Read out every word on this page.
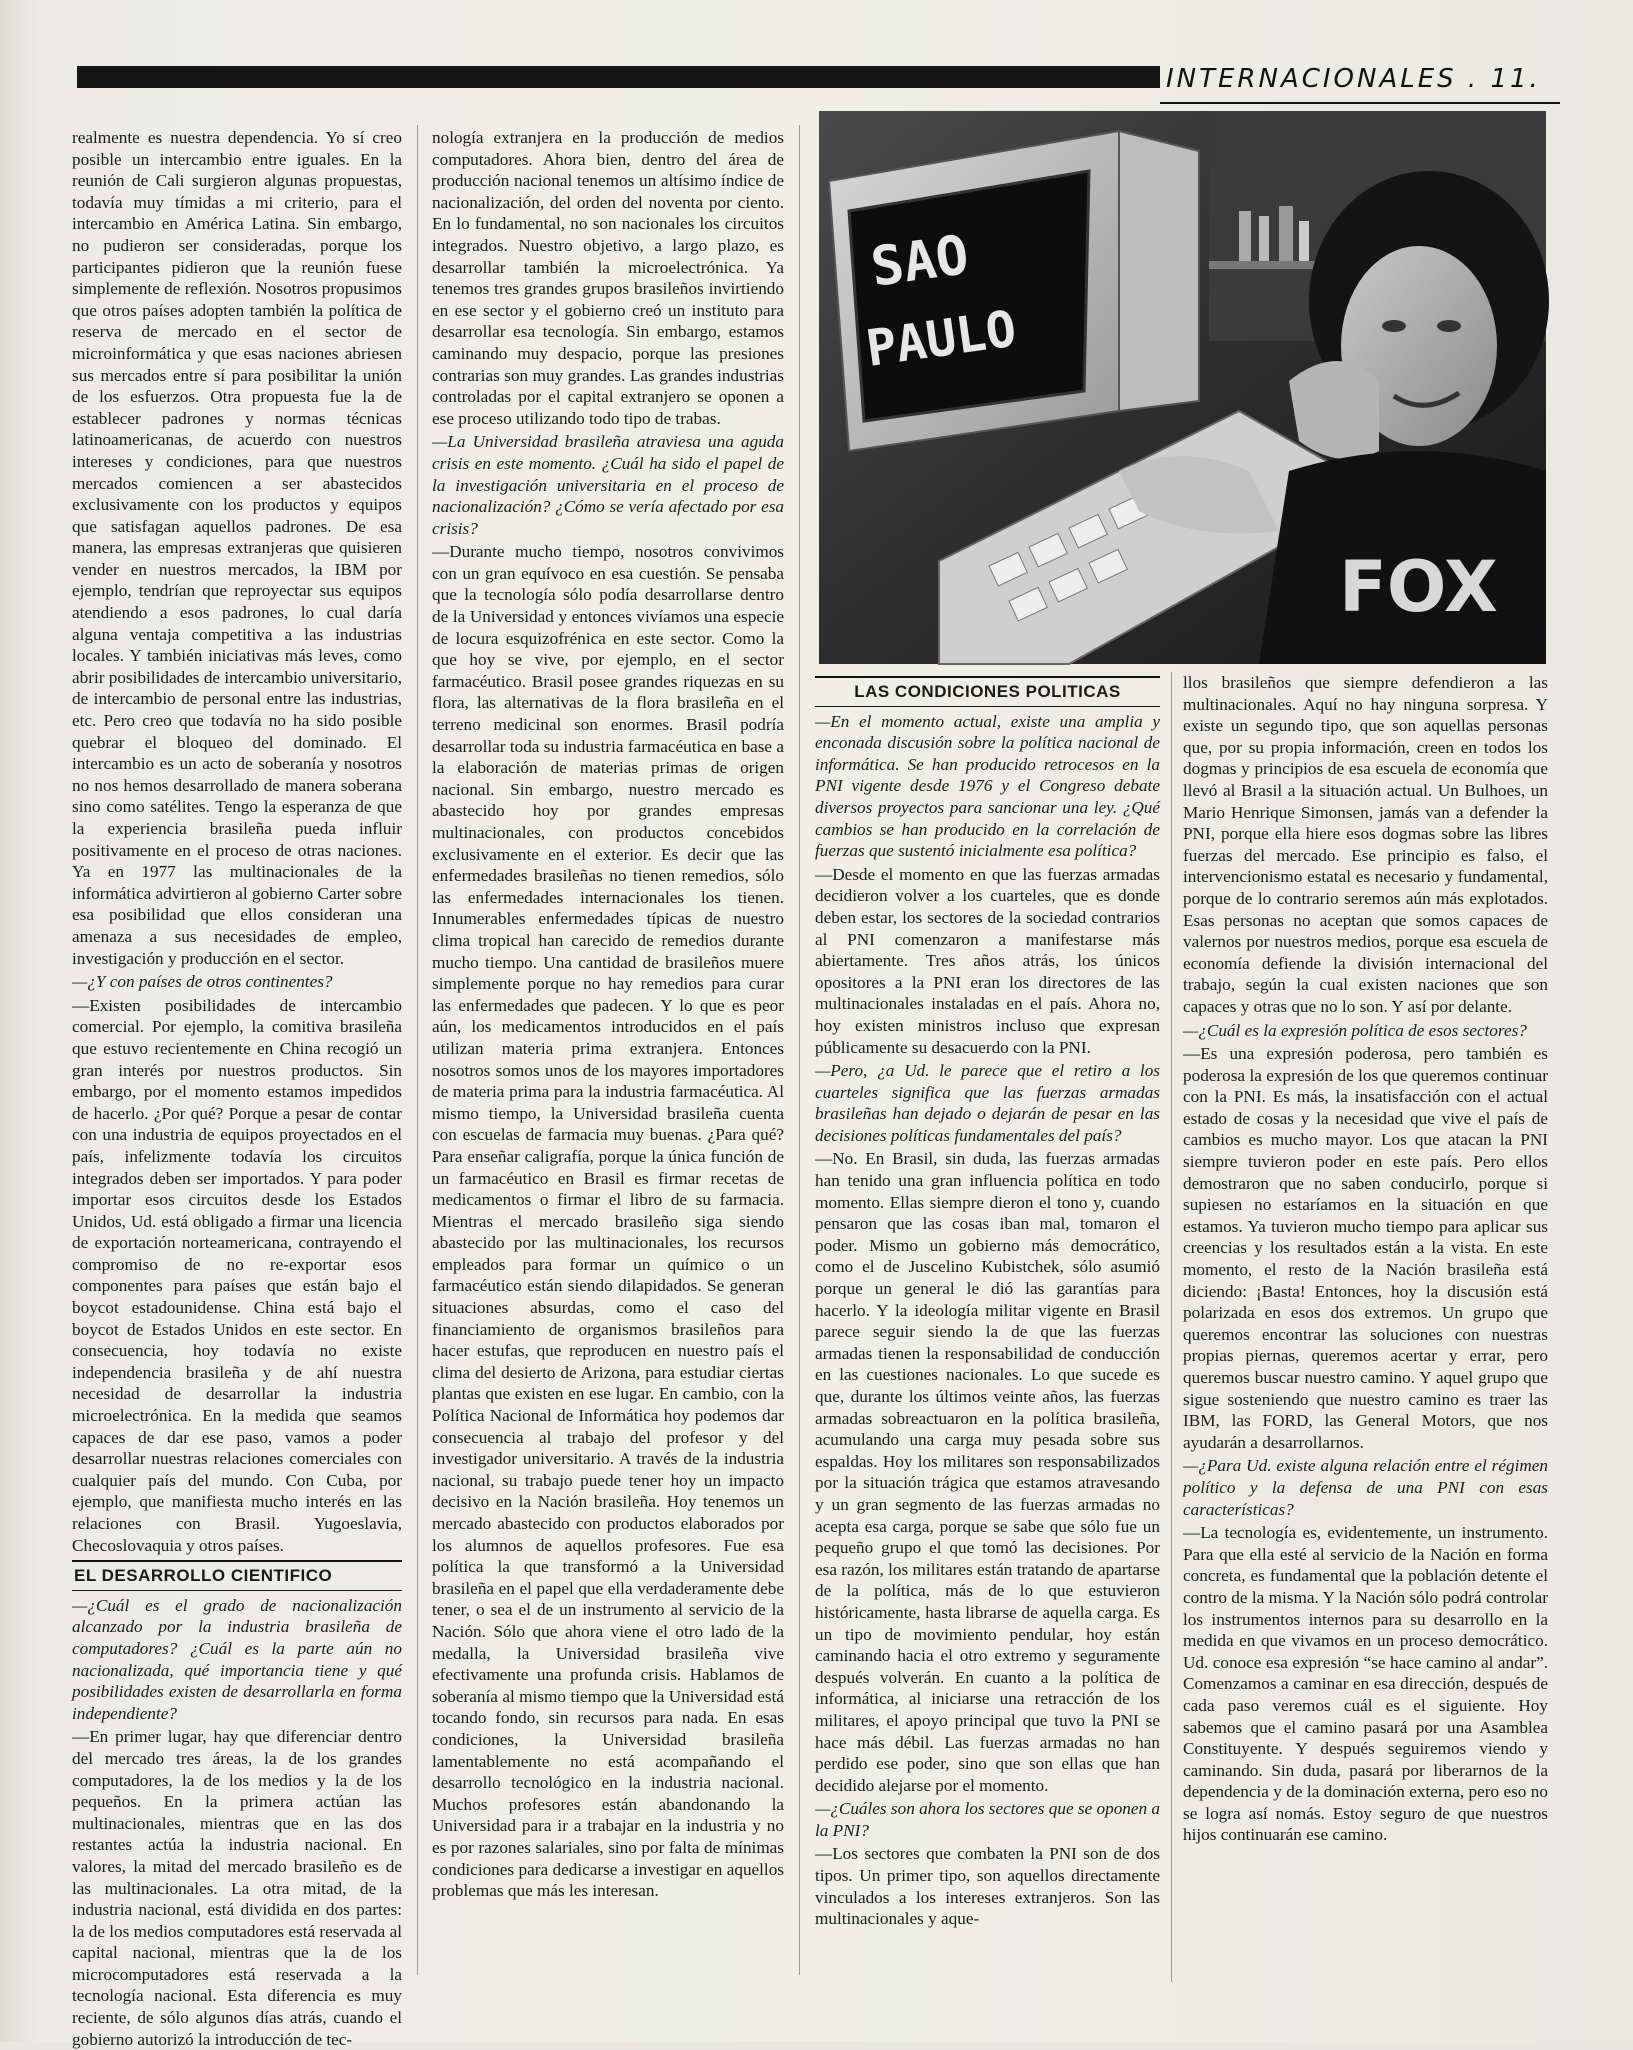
INTERNACIONALES . 11.

realmente es nuestra dependencia. Yo sí creo posible un intercambio entre iguales. En la reunión de Cali surgieron algunas propuestas, todavía muy tímidas a mi criterio, para el intercambio en América Latina. Sin embargo, no pudieron ser consideradas, porque los participantes pidieron que la reunión fuese simplemente de reflexión. Nosotros propusimos que otros países adopten también la política de reserva de mercado en el sector de microinformática y que esas naciones abriesen sus mercados entre sí para posibilitar la unión de los esfuerzos. Otra propuesta fue la de establecer padrones y normas técnicas latinoamericanas, de acuerdo con nuestros intereses y condiciones, para que nuestros mercados comiencen a ser abastecidos exclusivamente con los productos y equipos que satisfagan aquellos padrones. De esa manera, las empresas extranjeras que quisieren vender en nuestros mercados, la IBM por ejemplo, tendrían que reproyectar sus equipos atendiendo a esos padrones, lo cual daría alguna ventaja competitiva a las industrias locales. Y también iniciativas más leves, como abrir posibilidades de intercambio universitario, de intercambio de personal entre las industrias, etc. Pero creo que todavía no ha sido posible quebrar el bloqueo del dominado. El intercambio es un acto de soberanía y nosotros no nos hemos desarrollado de manera soberana sino como satélites. Tengo la esperanza de que la experiencia brasileña pueda influir positivamente en el proceso de otras naciones. Ya en 1977 las multinacionales de la informática advirtieron al gobierno Carter sobre esa posibilidad que ellos consideran una amenaza a sus necesidades de empleo, investigación y producción en el sector.

—¿Y con países de otros continentes?

—Existen posibilidades de intercambio comercial. Por ejemplo, la comitiva brasileña que estuvo recientemente en China recogió un gran interés por nuestros productos. Sin embargo, por el momento estamos impedidos de hacerlo. ¿Por qué? Porque a pesar de contar con una industria de equipos proyectados en el país, infelizmente todavía los circuitos integrados deben ser importados. Y para poder importar esos circuitos desde los Estados Unidos, Ud. está obligado a firmar una licencia de exportación norteamericana, contrayendo el compromiso de no re-exportar esos componentes para países que están bajo el boycot estadounidense. China está bajo el boycot de Estados Unidos en este sector. En consecuencia, hoy todavía no existe independencia brasileña y de ahí nuestra necesidad de desarrollar la industria microelectrónica. En la medida que seamos capaces de dar ese paso, vamos a poder desarrollar nuestras relaciones comerciales con cualquier país del mundo. Con Cuba, por ejemplo, que manifiesta mucho interés en las relaciones con Brasil. Yugoeslavia, Checoslovaquia y otros países.

EL DESARROLLO CIENTIFICO

—¿Cuál es el grado de nacionalización alcanzado por la industria brasileña de computadores? ¿Cuál es la parte aún no nacionalizada, qué importancia tiene y qué posibilidades existen de desarrollarla en forma independiente?

—En primer lugar, hay que diferenciar dentro del mercado tres áreas, la de los grandes computadores, la de los medios y la de los pequeños. En la primera actúan las multinacionales, mientras que en las dos restantes actúa la industria nacional. En valores, la mitad del mercado brasileño es de las multinacionales. La otra mitad, de la industria nacional, está dividida en dos partes: la de los medios computadores está reservada al capital nacional, mientras que la de los microcomputadores está reservada a la tecnología nacional. Esta diferencia es muy reciente, de sólo algunos días atrás, cuando el gobierno autorizó la introducción de tec-

nología extranjera en la producción de medios computadores. Ahora bien, dentro del área de producción nacional tenemos un altísimo índice de nacionalización, del orden del noventa por ciento. En lo fundamental, no son nacionales los circuitos integrados. Nuestro objetivo, a largo plazo, es desarrollar también la microelectrónica. Ya tenemos tres grandes grupos brasileños invirtiendo en ese sector y el gobierno creó un instituto para desarrollar esa tecnología. Sin embargo, estamos caminando muy despacio, porque las presiones contrarias son muy grandes. Las grandes industrias controladas por el capital extranjero se oponen a ese proceso utilizando todo tipo de trabas.

—La Universidad brasileña atraviesa una aguda crisis en este momento. ¿Cuál ha sido el papel de la investigación universitaria en el proceso de nacionalización? ¿Cómo se vería afectado por esa crisis?

—Durante mucho tiempo, nosotros convivimos con un gran equívoco en esa cuestión. Se pensaba que la tecnología sólo podía desarrollarse dentro de la Universidad y entonces vivíamos una especie de locura esquizofrénica en este sector. Como la que hoy se vive, por ejemplo, en el sector farmacéutico. Brasil posee grandes riquezas en su flora, las alternativas de la flora brasileña en el terreno medicinal son enormes. Brasil podría desarrollar toda su industria farmacéutica en base a la elaboración de materias primas de origen nacional. Sin embargo, nuestro mercado es abastecido hoy por grandes empresas multinacionales, con productos concebidos exclusivamente en el exterior. Es decir que las enfermedades brasileñas no tienen remedios, sólo las enfermedades internacionales los tienen. Innumerables enfermedades típicas de nuestro clima tropical han carecido de remedios durante mucho tiempo. Una cantidad de brasileños muere simplemente porque no hay remedios para curar las enfermedades que padecen. Y lo que es peor aún, los medicamentos introducidos en el país utilizan materia prima extranjera. Entonces nosotros somos unos de los mayores importadores de materia prima para la industria farmacéutica. Al mismo tiempo, la Universidad brasileña cuenta con escuelas de farmacia muy buenas. ¿Para qué? Para enseñar caligrafía, porque la única función de un farmacéutico en Brasil es firmar recetas de medicamentos o firmar el libro de su farmacia. Mientras el mercado brasileño siga siendo abastecido por las multinacionales, los recursos empleados para formar un químico o un farmacéutico están siendo dilapidados. Se generan situaciones absurdas, como el caso del financiamiento de organismos brasileños para hacer estufas, que reproducen en nuestro país el clima del desierto de Arizona, para estudiar ciertas plantas que existen en ese lugar. En cambio, con la Política Nacional de Informática hoy podemos dar consecuencia al trabajo del profesor y del investigador universitario. A través de la industria nacional, su trabajo puede tener hoy un impacto decisivo en la Nación brasileña. Hoy tenemos un mercado abastecido con productos elaborados por los alumnos de aquellos profesores. Fue esa política la que transformó a la Universidad brasileña en el papel que ella verdaderamente debe tener, o sea el de un instrumento al servicio de la Nación. Sólo que ahora viene el otro lado de la medalla, la Universidad brasileña vive efectivamente una profunda crisis. Hablamos de soberanía al mismo tiempo que la Universidad está tocando fondo, sin recursos para nada. En esas condiciones, la Universidad brasileña lamentablemente no está acompañando el desarrollo tecnológico en la industria nacional. Muchos profesores están abandonando la Universidad para ir a trabajar en la industria y no es por razones salariales, sino por falta de mínimas condiciones para dedicarse a investigar en aquellos problemas que más les interesan.

SAO
PAULO
FOX
LAS CONDICIONES POLITICAS

—En el momento actual, existe una amplia y enconada discusión sobre la política nacional de informática. Se han producido retrocesos en la PNI vigente desde 1976 y el Congreso debate diversos proyectos para sancionar una ley. ¿Qué cambios se han producido en la correlación de fuerzas que sustentó inicialmente esa política?

—Desde el momento en que las fuerzas armadas decidieron volver a los cuarteles, que es donde deben estar, los sectores de la sociedad contrarios al PNI comenzaron a manifestarse más abiertamente. Tres años atrás, los únicos opositores a la PNI eran los directores de las multinacionales instaladas en el país. Ahora no, hoy existen ministros incluso que expresan públicamente su desacuerdo con la PNI.

—Pero, ¿a Ud. le parece que el retiro a los cuarteles significa que las fuerzas armadas brasileñas han dejado o dejarán de pesar en las decisiones políticas fundamentales del país?

—No. En Brasil, sin duda, las fuerzas armadas han tenido una gran influencia política en todo momento. Ellas siempre dieron el tono y, cuando pensaron que las cosas iban mal, tomaron el poder. Mismo un gobierno más democrático, como el de Juscelino Kubistchek, sólo asumió porque un general le dió las garantías para hacerlo. Y la ideología militar vigente en Brasil parece seguir siendo la de que las fuerzas armadas tienen la responsabilidad de conducción en las cuestiones nacionales. Lo que sucede es que, durante los últimos veinte años, las fuerzas armadas sobreactuaron en la política brasileña, acumulando una carga muy pesada sobre sus espaldas. Hoy los militares son responsabilizados por la situación trágica que estamos atravesando y un gran segmento de las fuerzas armadas no acepta esa carga, porque se sabe que sólo fue un pequeño grupo el que tomó las decisiones. Por esa razón, los militares están tratando de apartarse de la política, más de lo que estuvieron históricamente, hasta librarse de aquella carga. Es un tipo de movimiento pendular, hoy están caminando hacia el otro extremo y seguramente después volverán. En cuanto a la política de informática, al iniciarse una retracción de los militares, el apoyo principal que tuvo la PNI se hace más débil. Las fuerzas armadas no han perdido ese poder, sino que son ellas que han decidido alejarse por el momento.

—¿Cuáles son ahora los sectores que se oponen a la PNI?

—Los sectores que combaten la PNI son de dos tipos. Un primer tipo, son aquellos directamente vinculados a los intereses extranjeros. Son las multinacionales y aque-

llos brasileños que siempre defendieron a las multinacionales. Aquí no hay ninguna sorpresa. Y existe un segundo tipo, que son aquellas personas que, por su propia información, creen en todos los dogmas y principios de esa escuela de economía que llevó al Brasil a la situación actual. Un Bulhoes, un Mario Henrique Simonsen, jamás van a defender la PNI, porque ella hiere esos dogmas sobre las libres fuerzas del mercado. Ese principio es falso, el intervencionismo estatal es necesario y fundamental, porque de lo contrario seremos aún más explotados. Esas personas no aceptan que somos capaces de valernos por nuestros medios, porque esa escuela de economía defiende la división internacional del trabajo, según la cual existen naciones que son capaces y otras que no lo son. Y así por delante.

—¿Cuál es la expresión política de esos sectores?

—Es una expresión poderosa, pero también es poderosa la expresión de los que queremos continuar con la PNI. Es más, la insatisfacción con el actual estado de cosas y la necesidad que vive el país de cambios es mucho mayor. Los que atacan la PNI siempre tuvieron poder en este país. Pero ellos demostraron que no saben conducirlo, porque si supiesen no estaríamos en la situación en que estamos. Ya tuvieron mucho tiempo para aplicar sus creencias y los resultados están a la vista. En este momento, el resto de la Nación brasileña está diciendo: ¡Basta! Entonces, hoy la discusión está polarizada en esos dos extremos. Un grupo que queremos encontrar las soluciones con nuestras propias piernas, queremos acertar y errar, pero queremos buscar nuestro camino. Y aquel grupo que sigue sosteniendo que nuestro camino es traer las IBM, las FORD, las General Motors, que nos ayudarán a desarrollarnos.

—¿Para Ud. existe alguna relación entre el régimen político y la defensa de una PNI con esas características?

—La tecnología es, evidentemente, un instrumento. Para que ella esté al servicio de la Nación en forma concreta, es fundamental que la población detente el contro de la misma. Y la Nación sólo podrá controlar los instrumentos internos para su desarrollo en la medida en que vivamos en un proceso democrático. Ud. conoce esa expresión “se hace camino al andar”. Comenzamos a caminar en esa dirección, después de cada paso veremos cuál es el siguiente. Hoy sabemos que el camino pasará por una Asamblea Constituyente. Y después seguiremos viendo y caminando. Sin duda, pasará por liberarnos de la dependencia y de la dominación externa, pero eso no se logra así nomás. Estoy seguro de que nuestros hijos continuarán ese camino.
